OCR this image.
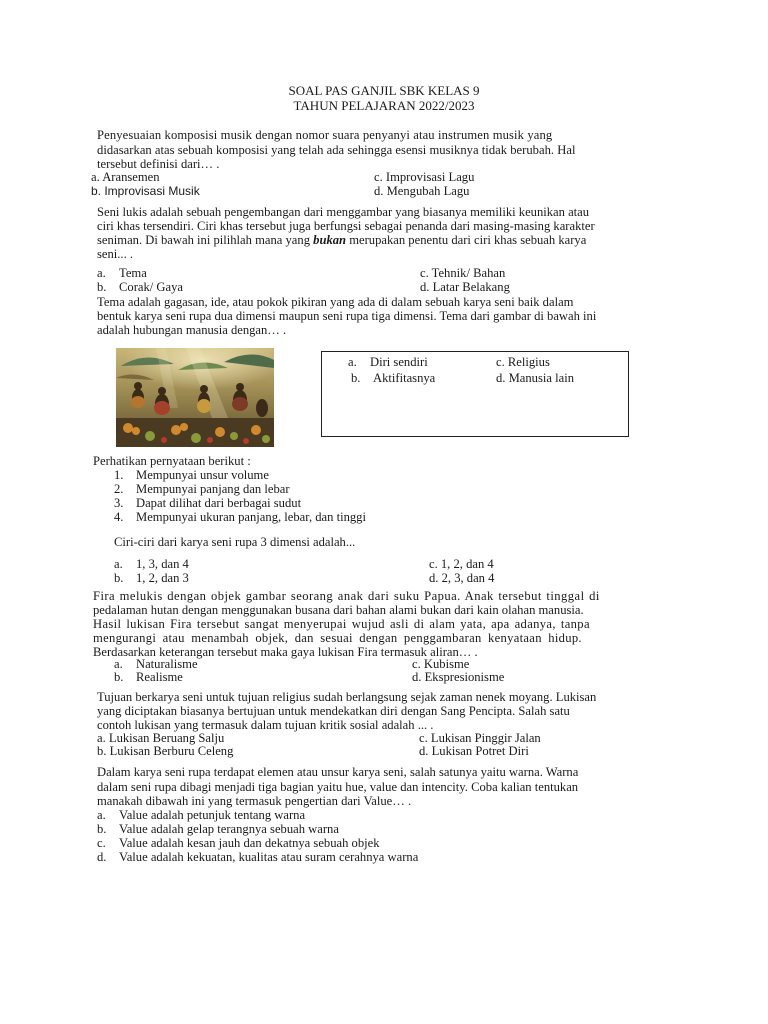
SOAL PAS GANJIL SBK KELAS 9
TAHUN PELAJARAN 2022/2023
Penyesuaian komposisi musik dengan nomor suara penyanyi atau instrumen musik yang
didasarkan atas sebuah komposisi yang telah ada sehingga esensi musiknya tidak berubah. Hal
tersebut definisi dari… .
a. Aransemen	c. Improvisasi Lagu
b. Improvisasi Musik	d. Mengubah Lagu
Seni lukis adalah sebuah pengembangan dari menggambar yang biasanya memiliki keunikan atau
ciri khas tersendiri. Ciri khas tersebut juga berfungsi sebagai penanda dari masing-masing karakter
seniman. Di bawah ini pilihlah mana yang bukan merupakan penentu dari ciri khas sebuah karya
seni... .
a. Tema	c. Tehnik/ Bahan
b. Corak/ Gaya	d. Latar Belakang
Tema adalah gagasan, ide, atau pokok pikiran yang ada di dalam sebuah karya seni baik dalam
bentuk karya seni rupa dua dimensi maupun seni rupa tiga dimensi. Tema dari gambar di bawah ini
adalah hubungan manusia dengan… .
a. Diri sendiri	c. Religius
b. Aktifitasnya	d. Manusia lain
Perhatikan pernyataan berikut :
1. Mempunyai unsur volume
2. Mempunyai panjang dan lebar
3. Dapat dilihat dari berbagai sudut
4. Mempunyai ukuran panjang, lebar, dan tinggi
Ciri-ciri dari karya seni rupa 3 dimensi adalah...
a. 1, 3, dan 4	c. 1, 2, dan 4
b. 1, 2, dan 3	d. 2, 3, dan 4
Fira melukis dengan objek gambar seorang anak dari suku Papua. Anak tersebut tinggal di
pedalaman hutan dengan menggunakan busana dari bahan alami bukan dari kain olahan manusia.
Hasil lukisan Fira tersebut sangat menyerupai wujud asli di alam yata, apa adanya, tanpa
mengurangi atau menambah objek, dan sesuai dengan penggambaran kenyataan hidup.
Berdasarkan keterangan tersebut maka gaya lukisan Fira termasuk aliran… .
a. Naturalisme	c. Kubisme
b. Realisme	d. Ekspresionisme
Tujuan berkarya seni untuk tujuan religius sudah berlangsung sejak zaman nenek moyang. Lukisan
yang diciptakan biasanya bertujuan untuk mendekatkan diri dengan Sang Pencipta. Salah satu
contoh lukisan yang termasuk dalam tujuan kritik sosial adalah ... .
a. Lukisan Beruang Salju	c. Lukisan Pinggir Jalan
b. Lukisan Berburu Celeng	d. Lukisan Potret Diri
Dalam karya seni rupa terdapat elemen atau unsur karya seni, salah satunya yaitu warna. Warna
dalam seni rupa dibagi menjadi tiga bagian yaitu hue, value dan intencity. Coba kalian tentukan
manakah dibawah ini yang termasuk pengertian dari Value… .
a. Value adalah petunjuk tentang warna
b. Value adalah gelap terangnya sebuah warna
c. Value adalah kesan jauh dan dekatnya sebuah objek
d. Value adalah kekuatan, kualitas atau suram cerahnya warna
